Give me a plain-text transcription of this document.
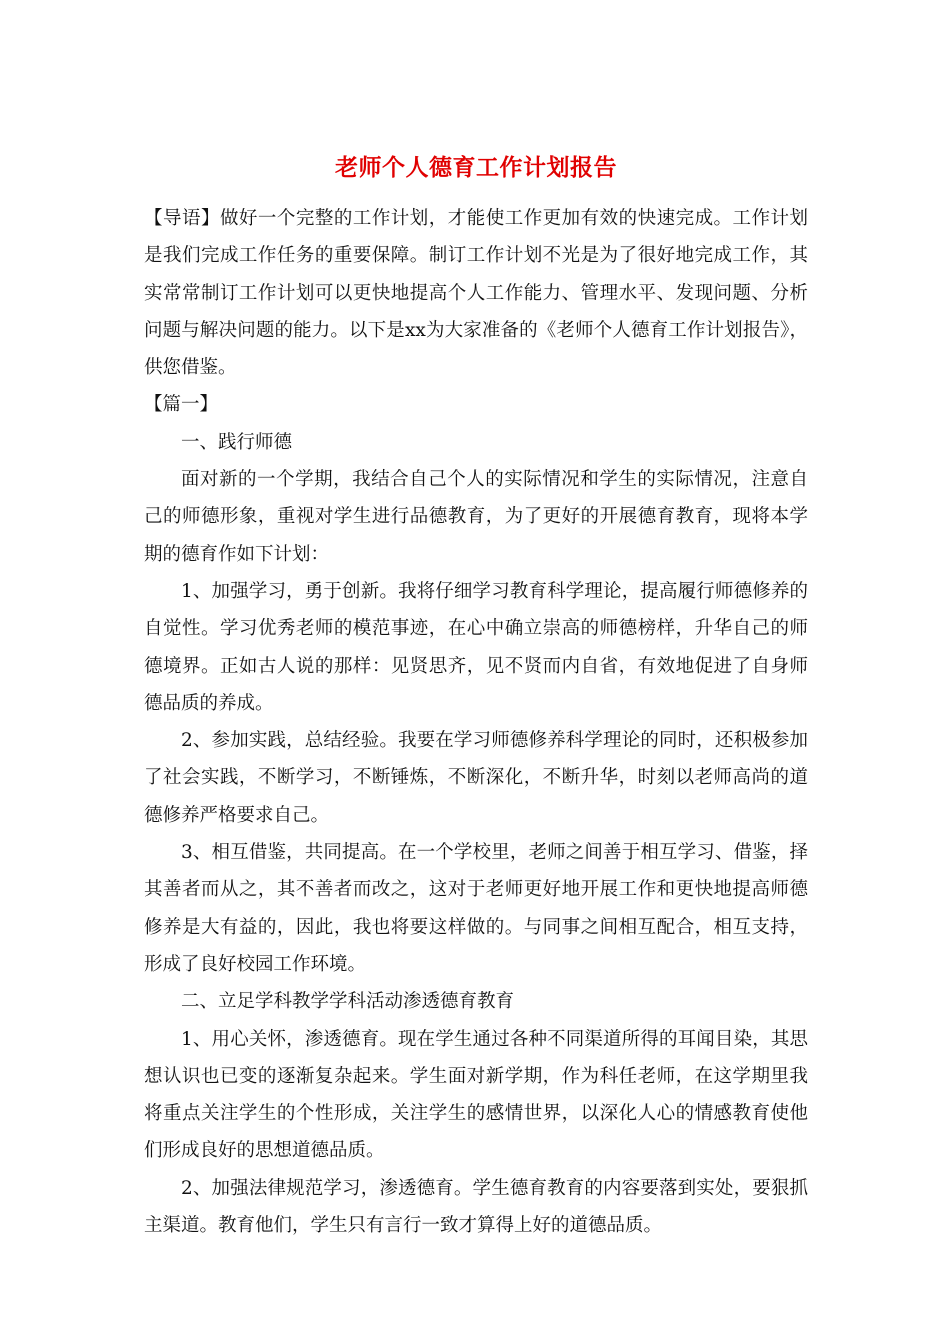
老师个人德育工作计划报告

【导语】做好一个完整的工作计划，才能使工作更加有效的快速完成。工作计划是我们完成工作任务的重要保障。制订工作计划不光是为了很好地完成工作，其实常常制订工作计划可以更快地提高个人工作能力、管理水平、发现问题、分析问题与解决问题的能力。以下是xx为大家准备的《老师个人德育工作计划报告》，供您借鉴。

【篇一】

一、践行师德

面对新的一个学期，我结合自己个人的实际情况和学生的实际情况，注意自己的师德形象，重视对学生进行品德教育，为了更好的开展德育教育，现将本学期的德育作如下计划：

1、加强学习，勇于创新。我将仔细学习教育科学理论，提高履行师德修养的自觉性。学习优秀老师的模范事迹，在心中确立崇高的师德榜样，升华自己的师德境界。正如古人说的那样：见贤思齐，见不贤而内自省，有效地促进了自身师德品质的养成。

2、参加实践，总结经验。我要在学习师德修养科学理论的同时，还积极参加了社会实践，不断学习，不断锤炼，不断深化，不断升华，时刻以老师高尚的道德修养严格要求自己。

3、相互借鉴，共同提高。在一个学校里，老师之间善于相互学习、借鉴，择其善者而从之，其不善者而改之，这对于老师更好地开展工作和更快地提高师德修养是大有益的，因此，我也将要这样做的。与同事之间相互配合，相互支持，形成了良好校园工作环境。

二、立足学科教学学科活动渗透德育教育

1、用心关怀，渗透德育。现在学生通过各种不同渠道所得的耳闻目染，其思想认识也已变的逐渐复杂起来。学生面对新学期，作为科任老师，在这学期里我将重点关注学生的个性形成，关注学生的感情世界，以深化人心的情感教育使他们形成良好的思想道德品质。

2、加强法律规范学习，渗透德育。学生德育教育的内容要落到实处，要狠抓主渠道。教育他们，学生只有言行一致才算得上好的道德品质。
